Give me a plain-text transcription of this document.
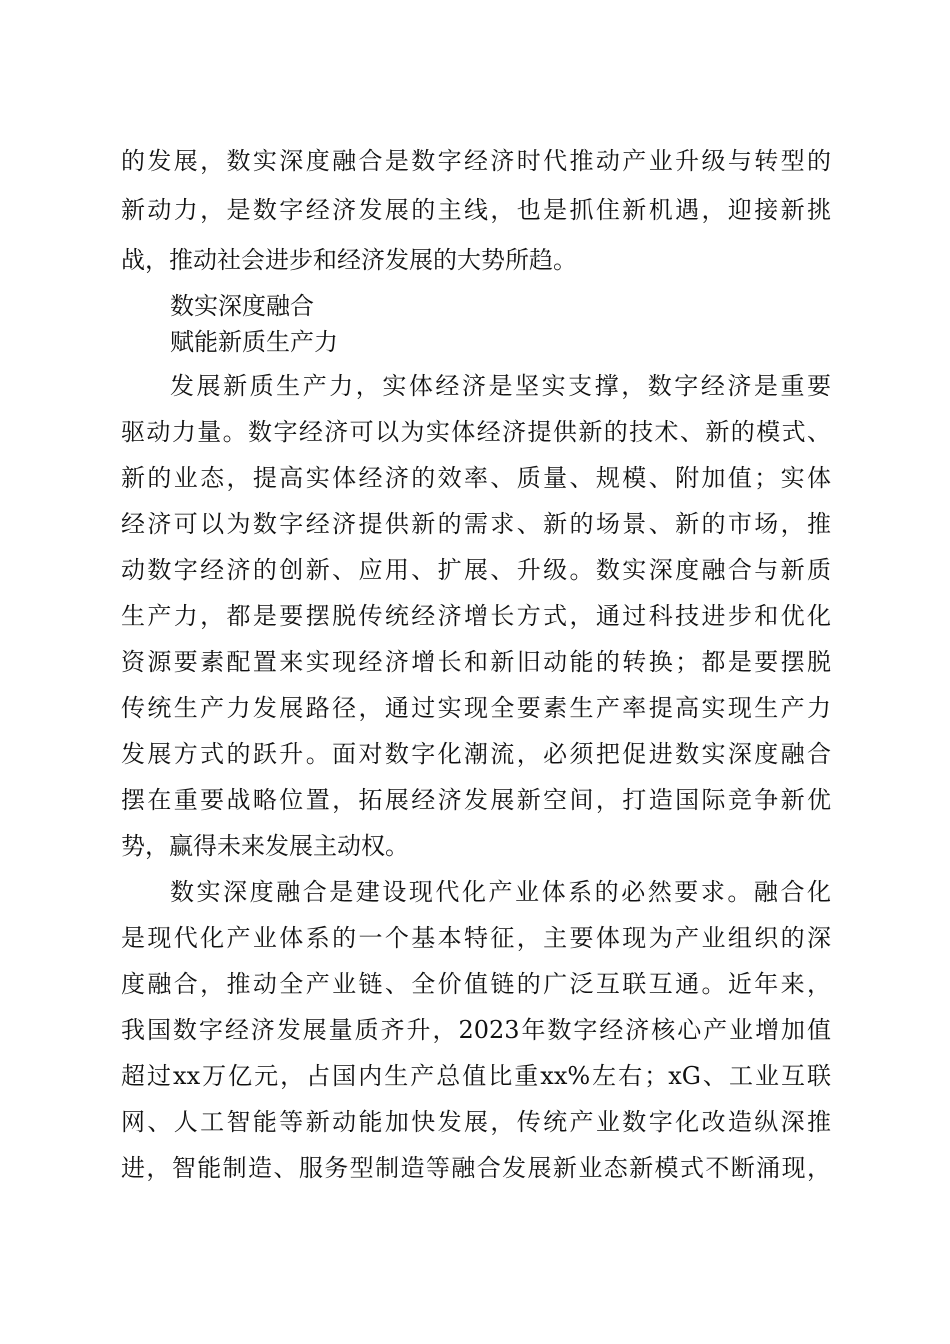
的发展，数实深度融合是数字经济时代推动产业升级与转型的
新动力，是数字经济发展的主线，也是抓住新机遇，迎接新挑
战，推动社会进步和经济发展的大势所趋。
数实深度融合
赋能新质生产力
发展新质生产力，实体经济是坚实支撑，数字经济是重要
驱动力量。数字经济可以为实体经济提供新的技术、新的模式、
新的业态，提高实体经济的效率、质量、规模、附加值；实体
经济可以为数字经济提供新的需求、新的场景、新的市场，推
动数字经济的创新、应用、扩展、升级。数实深度融合与新质
生产力，都是要摆脱传统经济增长方式，通过科技进步和优化
资源要素配置来实现经济增长和新旧动能的转换；都是要摆脱
传统生产力发展路径，通过实现全要素生产率提高实现生产力
发展方式的跃升。面对数字化潮流，必须把促进数实深度融合
摆在重要战略位置，拓展经济发展新空间，打造国际竞争新优
势，赢得未来发展主动权。
数实深度融合是建设现代化产业体系的必然要求。融合化
是现代化产业体系的一个基本特征，主要体现为产业组织的深
度融合，推动全产业链、全价值链的广泛互联互通。近年来，
我国数字经济发展量质齐升，2023年数字经济核心产业增加值
超过xx万亿元，占国内生产总值比重xx%左右；xG、工业互联
网、人工智能等新动能加快发展，传统产业数字化改造纵深推
进，智能制造、服务型制造等融合发展新业态新模式不断涌现，
